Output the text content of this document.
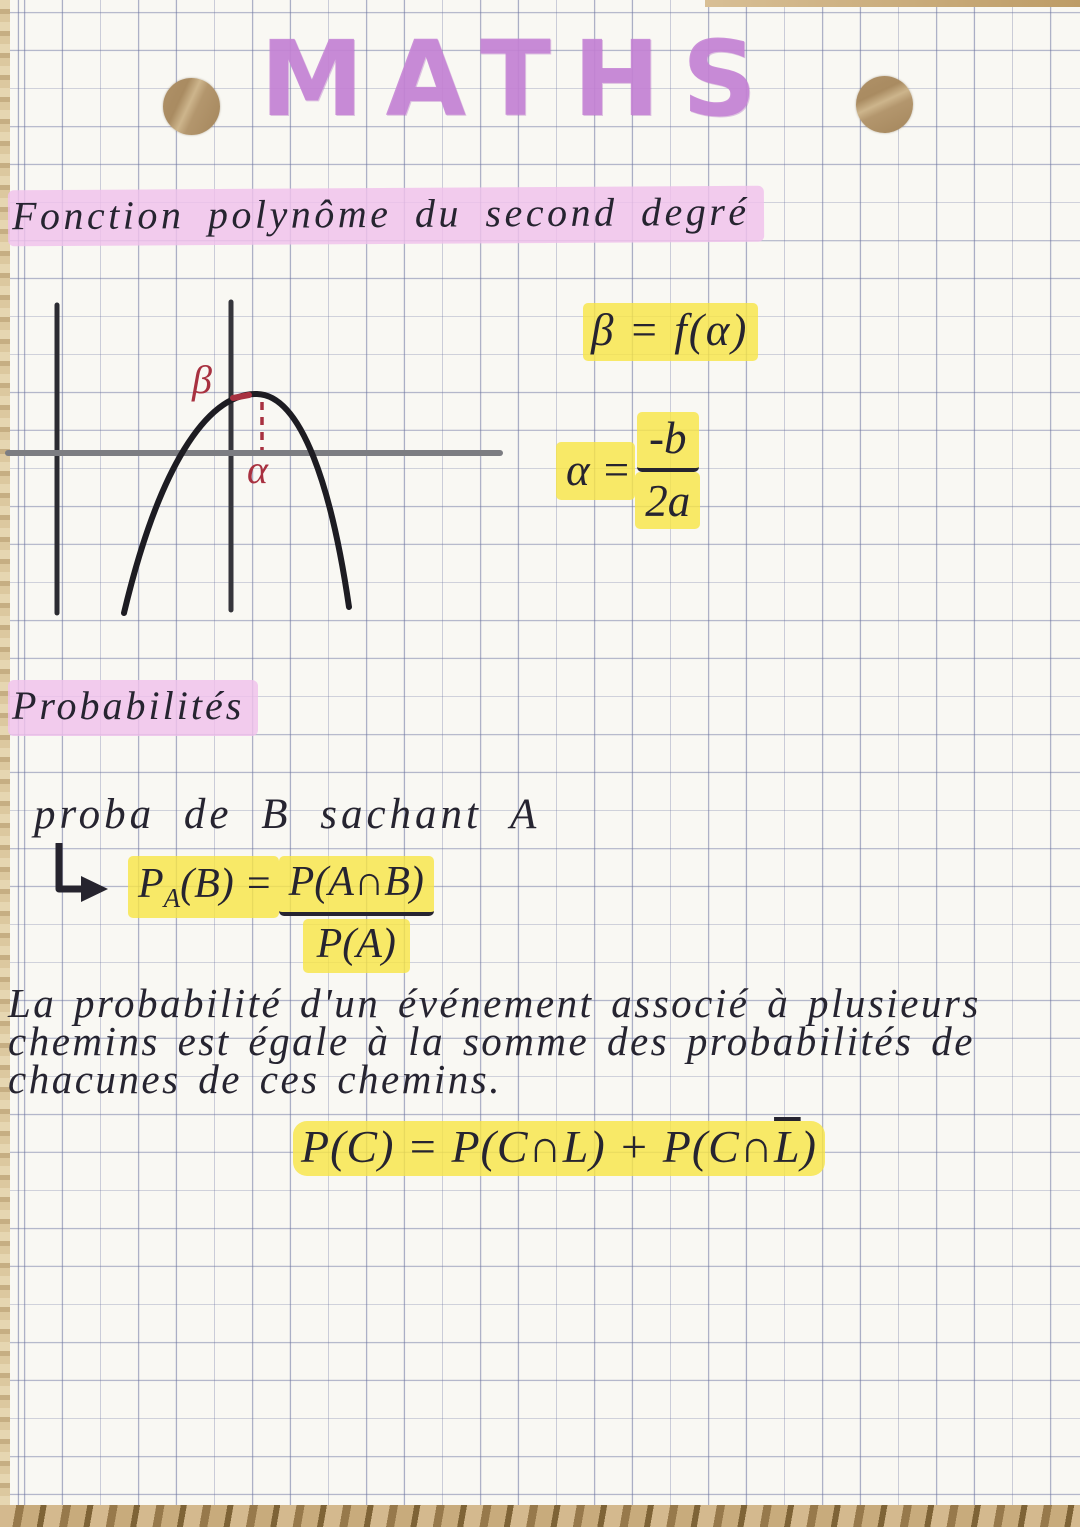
MATHS
Fonction polynôme du second degré
β
α
β = f(α)
$\alpha = \frac{-b}{2a}$
Probabilités
proba de B sachant A
$P_A(B) = \frac{P(A\cap B)}{P(A)}$
La probabilité d'un événement associé à plusieurs
chemins est égale à la somme des probabilités de
chacunes de ces chemins.
P(C) = P(C∩L) + $P(C\cap\overline{L})$
